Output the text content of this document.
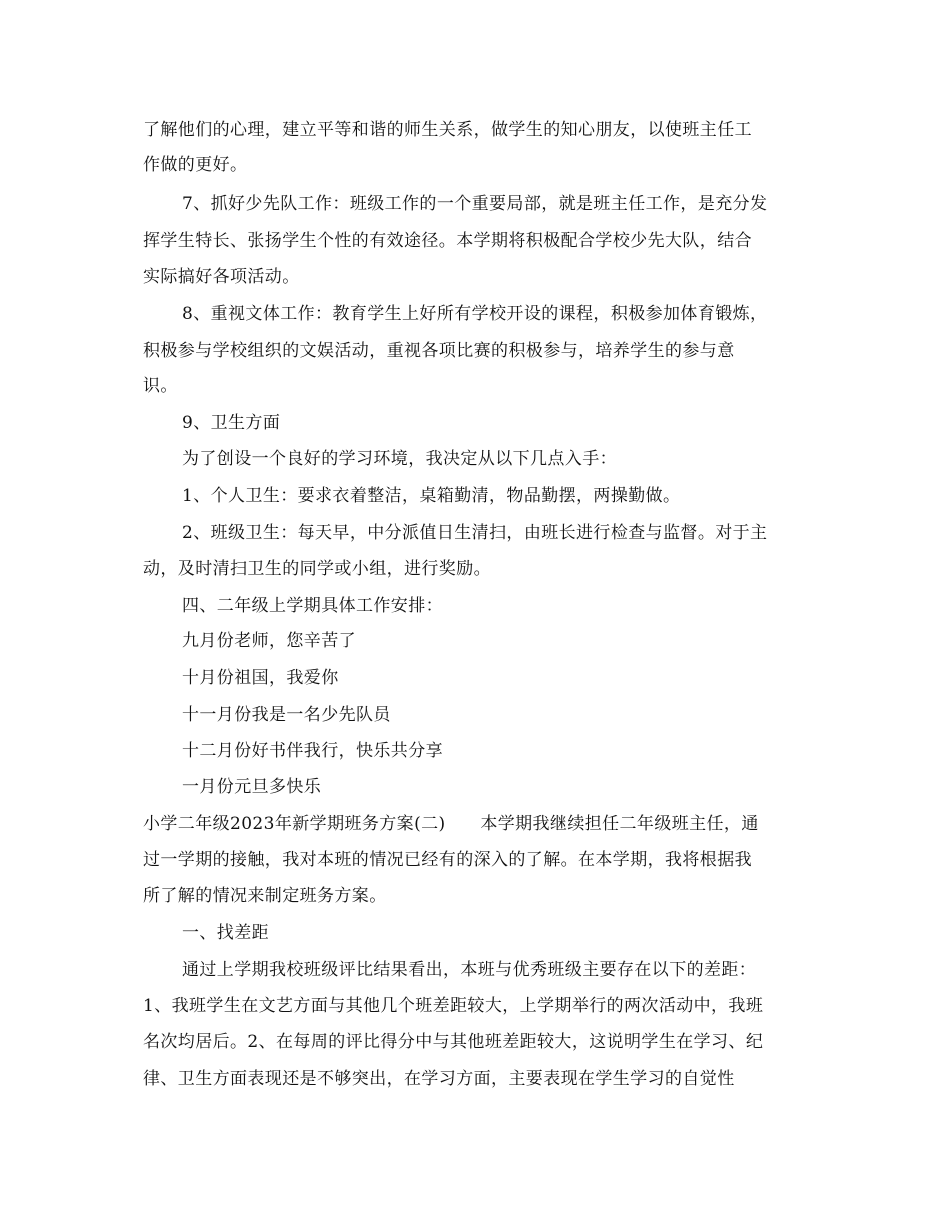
了解他们的心理，建立平等和谐的师生关系，做学生的知心朋友，以使班主任工
作做的更好。
7、抓好少先队工作：班级工作的一个重要局部，就是班主任工作，是充分发
挥学生特长、张扬学生个性的有效途径。本学期将积极配合学校少先大队，结合
实际搞好各项活动。
8、重视文体工作：教育学生上好所有学校开设的课程，积极参加体育锻炼，
积极参与学校组织的文娱活动，重视各项比赛的积极参与，培养学生的参与意
识。
9、卫生方面
为了创设一个良好的学习环境，我决定从以下几点入手：
1、个人卫生：要求衣着整洁，桌箱勤清，物品勤摆，两操勤做。
2、班级卫生：每天早，中分派值日生清扫，由班长进行检查与监督。对于主
动，及时清扫卫生的同学或小组，进行奖励。
四、二年级上学期具体工作安排：
九月份老师，您辛苦了
十月份祖国，我爱你
十一月份我是一名少先队员
十二月份好书伴我行，快乐共分享
一月份元旦多快乐
小学二年级2023年新学期班务方案(二)　　本学期我继续担任二年级班主任，通
过一学期的接触，我对本班的情况已经有的深入的了解。在本学期，我将根据我
所了解的情况来制定班务方案。
一、找差距
通过上学期我校班级评比结果看出，本班与优秀班级主要存在以下的差距：
1、我班学生在文艺方面与其他几个班差距较大，上学期举行的两次活动中，我班
名次均居后。2、在每周的评比得分中与其他班差距较大，这说明学生在学习、纪
律、卫生方面表现还是不够突出，在学习方面，主要表现在学生学习的自觉性
